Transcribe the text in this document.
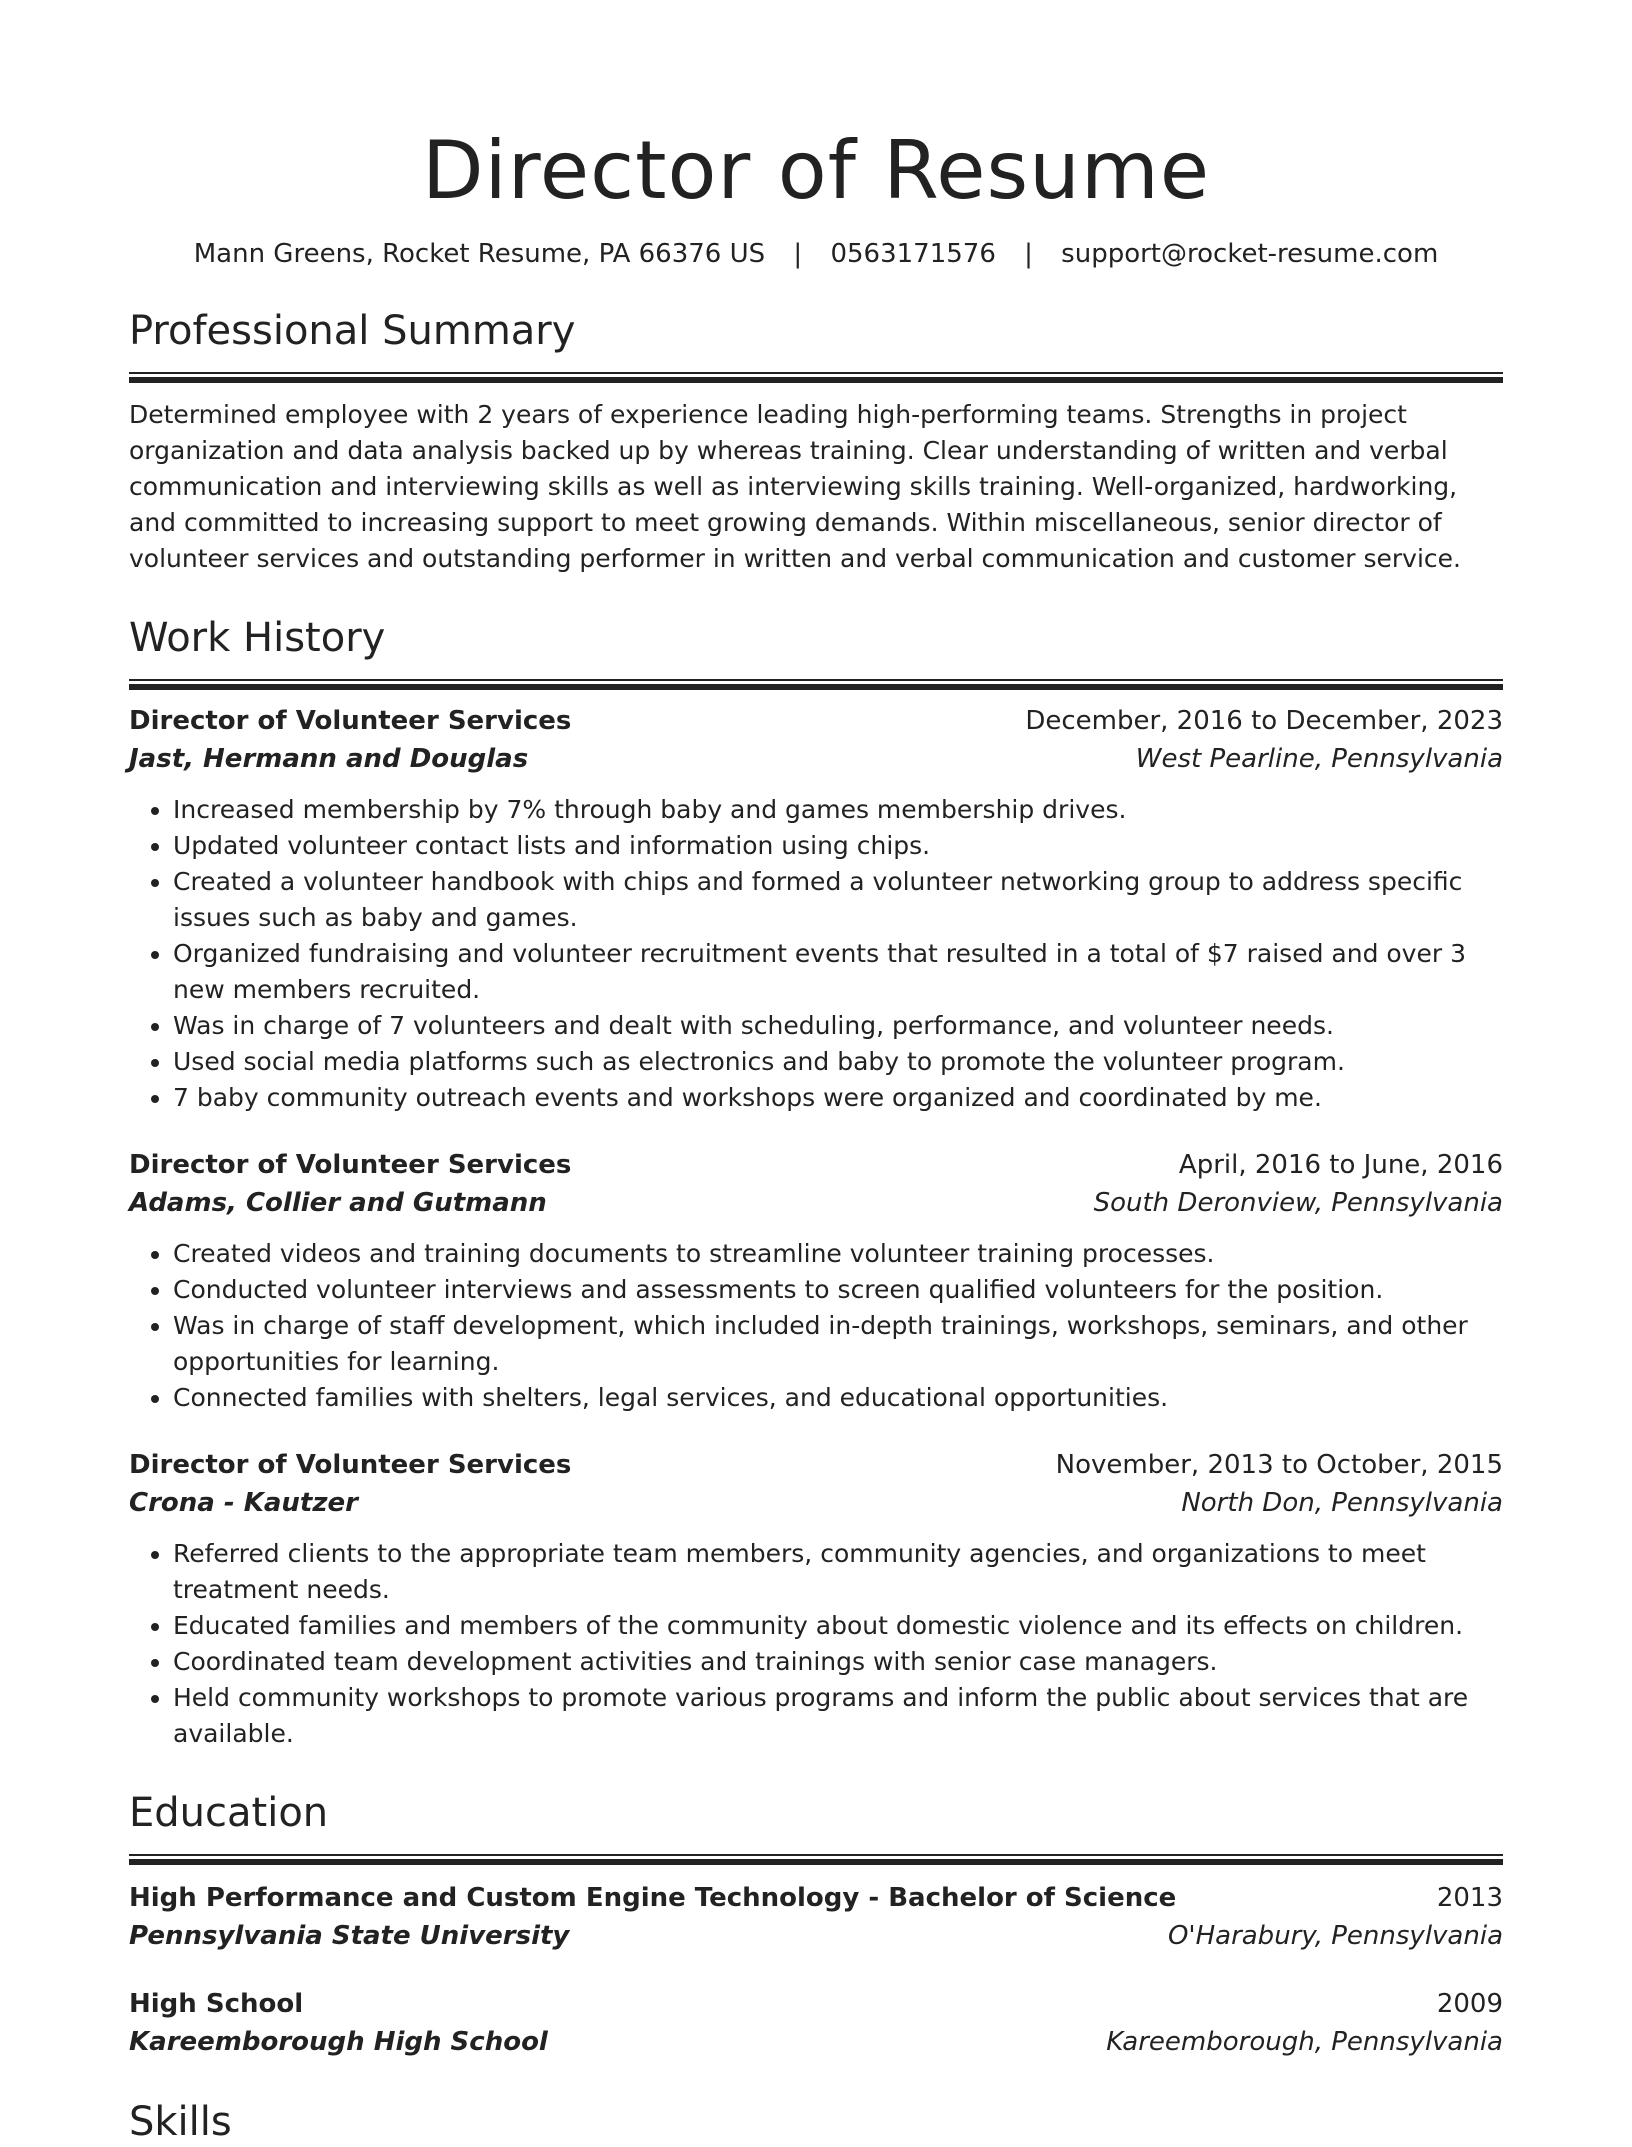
Director of Resume
Mann Greens, Rocket Resume, PA 66376 US | 0563171576 | support@rocket-resume.com
Professional Summary

Determined employee with 2 years of experience leading high-performing teams. Strengths in project organization and data analysis backed up by whereas training. Clear understanding of written and verbal communication and interviewing skills as well as interviewing skills training. Well-organized, hardworking, and committed to increasing support to meet growing demands. Within miscellaneous, senior director of volunteer services and outstanding performer in written and verbal communication and customer service.

Work History
Director of Volunteer Services	December, 2016 to December, 2023
Jast, Hermann and Douglas	West Pearline, Pennsylvania
• Increased membership by 7% through baby and games membership drives.
• Updated volunteer contact lists and information using chips.
• Created a volunteer handbook with chips and formed a volunteer networking group to address specific issues such as baby and games.
• Organized fundraising and volunteer recruitment events that resulted in a total of $7 raised and over 3 new members recruited.
• Was in charge of 7 volunteers and dealt with scheduling, performance, and volunteer needs.
• Used social media platforms such as electronics and baby to promote the volunteer program.
• 7 baby community outreach events and workshops were organized and coordinated by me.
Director of Volunteer Services	April, 2016 to June, 2016
Adams, Collier and Gutmann	South Deronview, Pennsylvania
• Created videos and training documents to streamline volunteer training processes.
• Conducted volunteer interviews and assessments to screen qualified volunteers for the position.
• Was in charge of staff development, which included in-depth trainings, workshops, seminars, and other opportunities for learning.
• Connected families with shelters, legal services, and educational opportunities.
Director of Volunteer Services	November, 2013 to October, 2015
Crona - Kautzer	North Don, Pennsylvania
• Referred clients to the appropriate team members, community agencies, and organizations to meet treatment needs.
• Educated families and members of the community about domestic violence and its effects on children.
• Coordinated team development activities and trainings with senior case managers.
• Held community workshops to promote various programs and inform the public about services that are available.
Education
High Performance and Custom Engine Technology - Bachelor of Science	2013
Pennsylvania State University	O'Harabury, Pennsylvania
High School	2009
Kareemborough High School	Kareemborough, Pennsylvania
Skills
